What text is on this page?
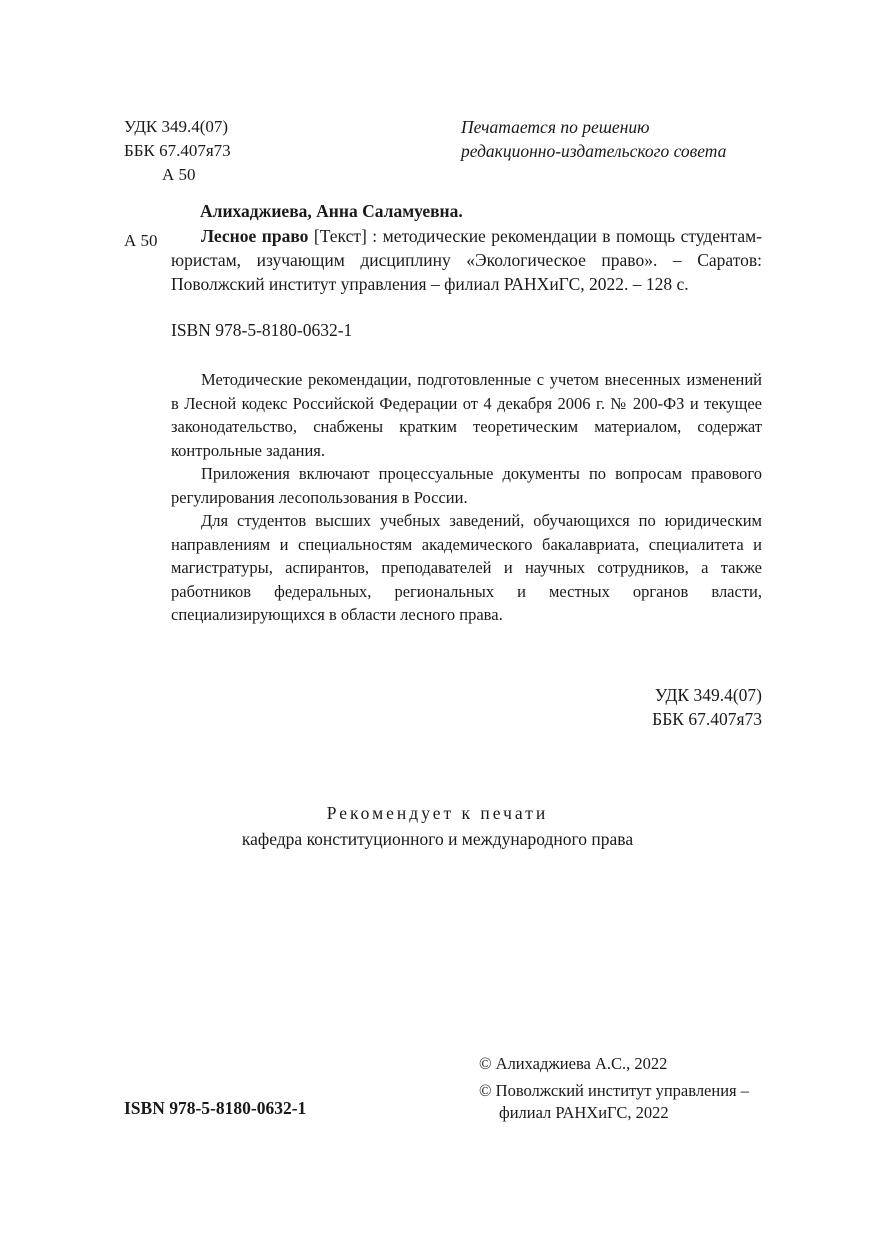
УДК 349.4(07)
ББК 67.407я73
А 50
Печатается по решению
редакционно-издательского совета
Алихаджиева, Анна Саламуевна.
А 50	Лесное право [Текст] : методические рекомендации в помощь студентам-юристам, изучающим дисциплину «Экологическое право». – Саратов: Поволжский институт управления – филиал РАНХиГС, 2022. – 128 с.
ISBN 978-5-8180-0632-1

Методические рекомендации, подготовленные с учетом внесенных изменений в Лесной кодекс Российской Федерации от 4 декабря 2006 г. № 200-ФЗ и текущее законодательство, снабжены кратким теоретическим материалом, содержат контрольные задания.

Приложения включают процессуальные документы по вопросам правового регулирования лесопользования в России.

Для студентов высших учебных заведений, обучающихся по юридическим направлениям и специальностям академического бакалавриата, специалитета и магистратуры, аспирантов, преподавателей и научных сотрудников, а также работников федеральных, региональных и местных органов власти, специализирующихся в области лесного права.

УДК 349.4(07)
ББК 67.407я73
Рекомендует к печати
кафедра конституционного и международного права
© Алихаджиева А.С., 2022
© Поволжский институт управления –
филиал РАНХиГС, 2022
ISBN 978-5-8180-0632-1
